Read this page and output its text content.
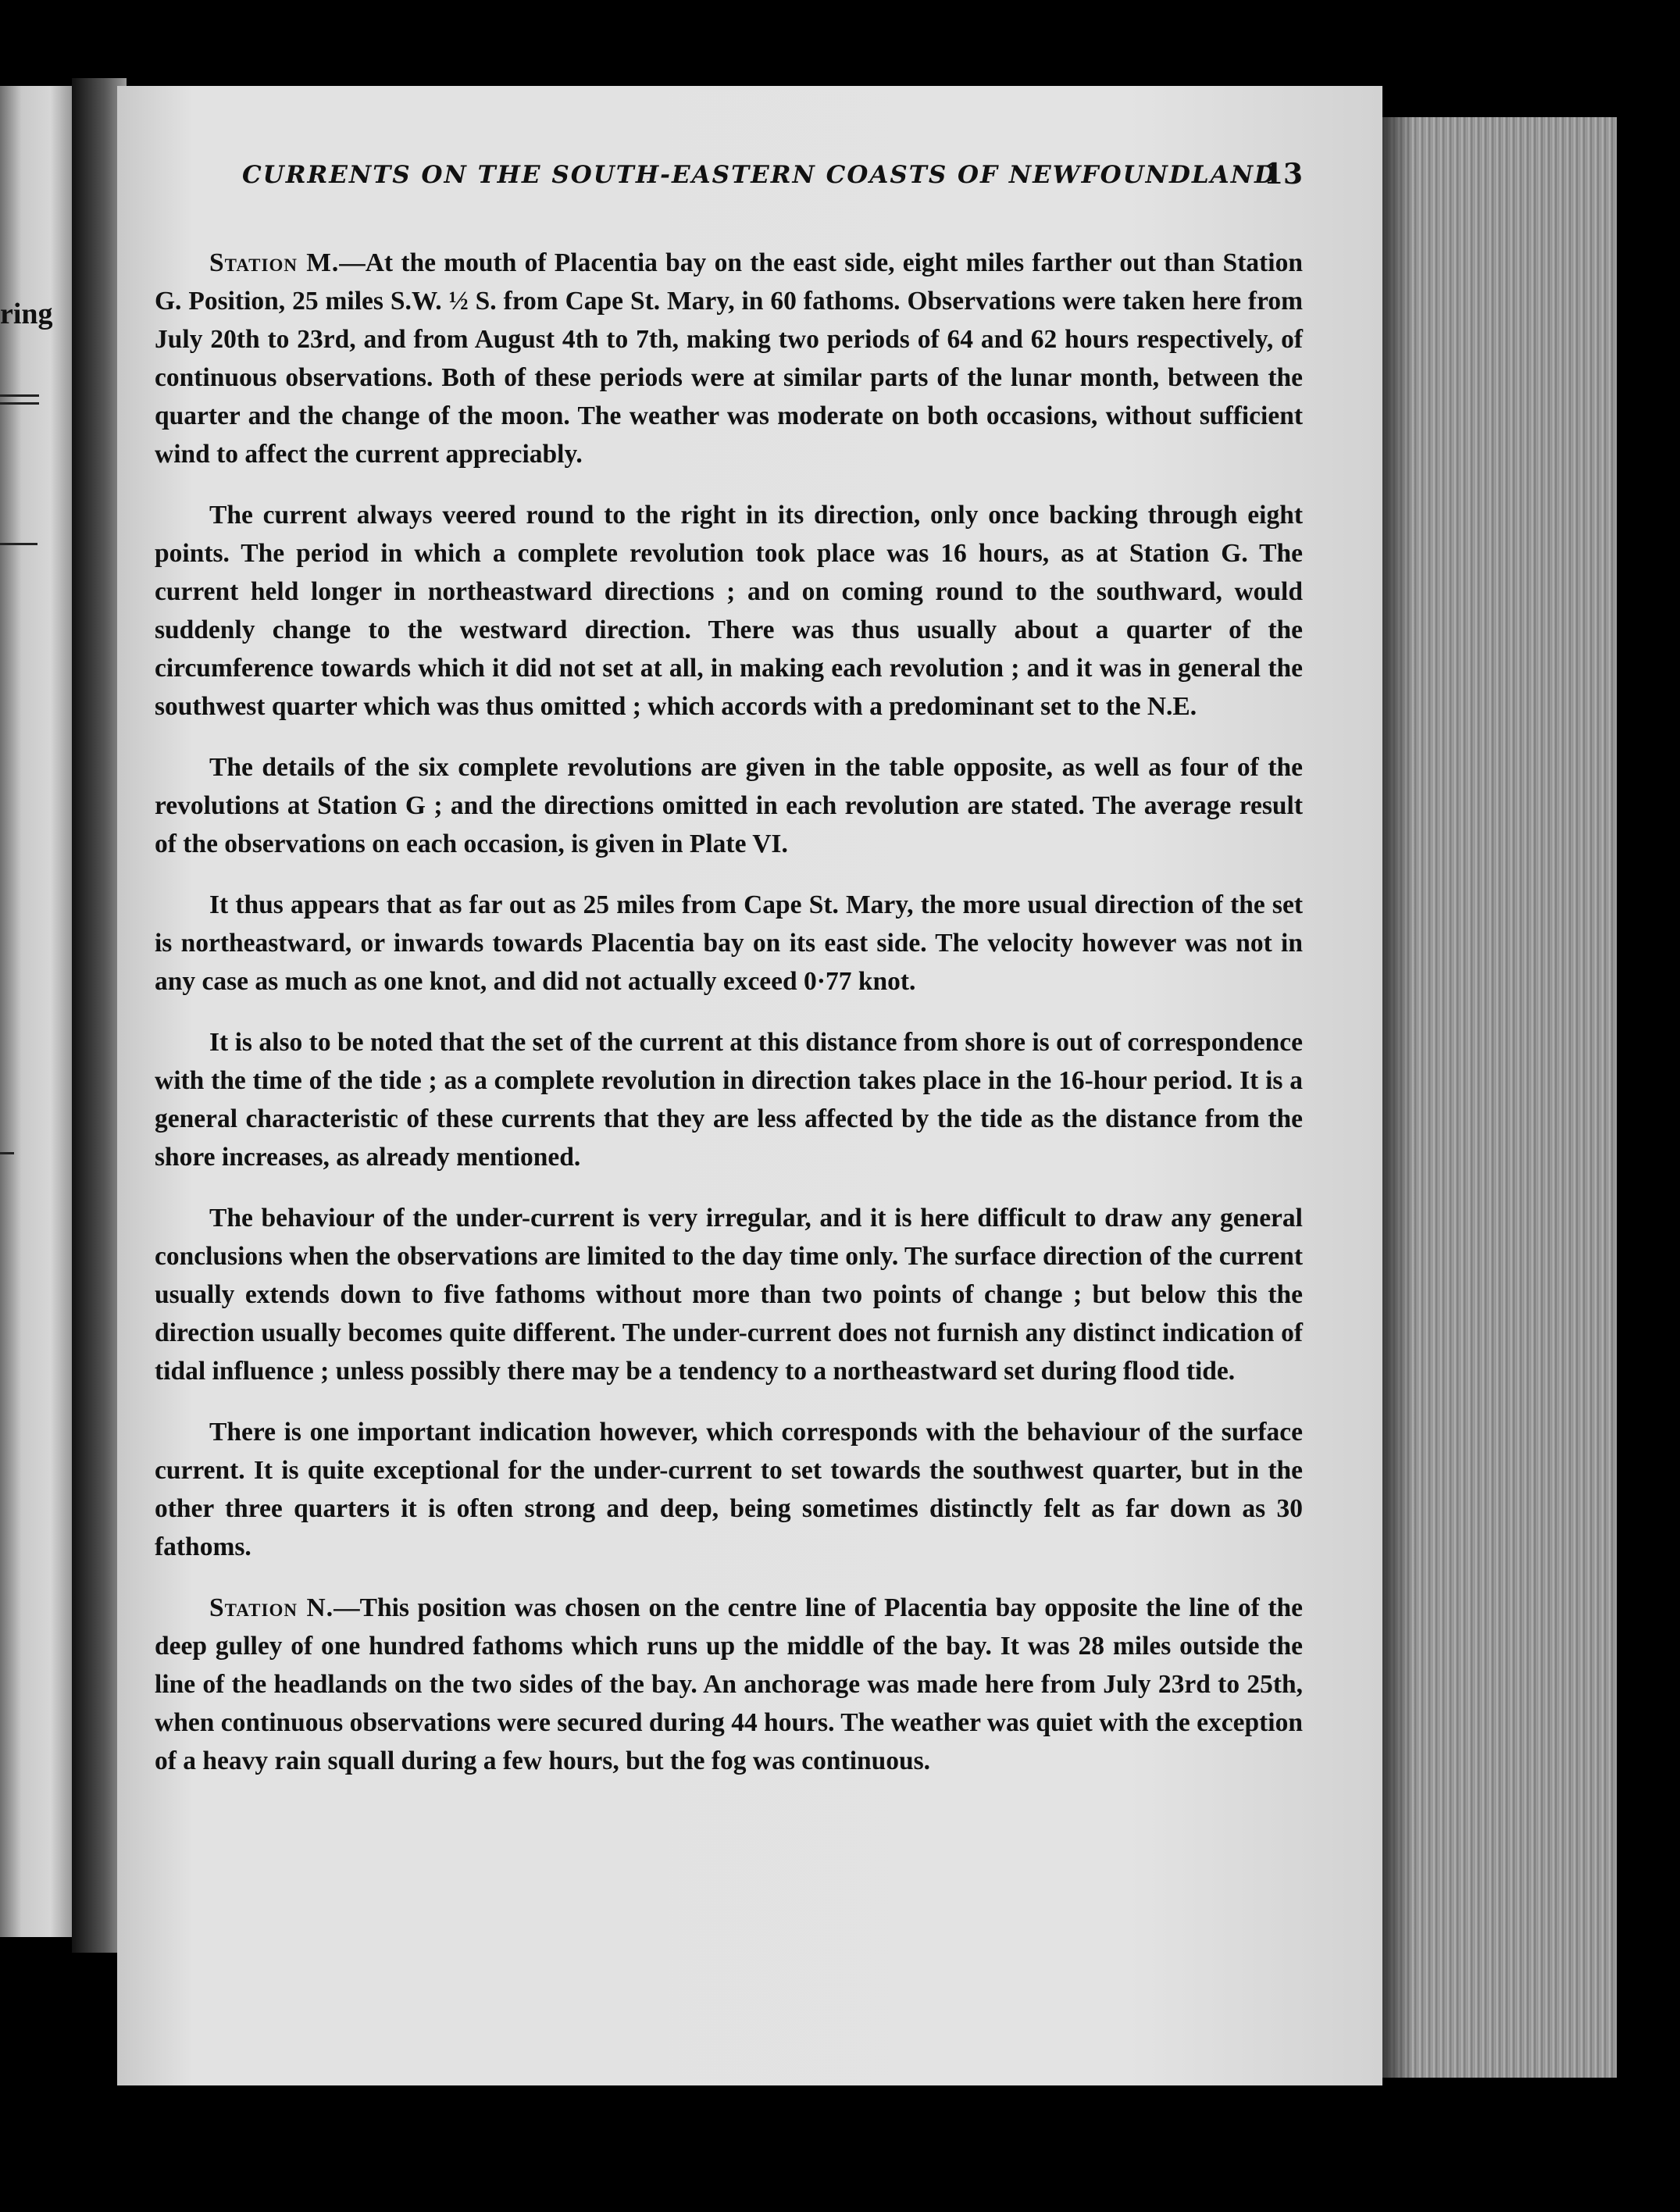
ring
CURRENTS ON THE SOUTH-EASTERN COASTS OF NEWFOUNDLAND
13

Station M.—At the mouth of Placentia bay on the east side, eight miles farther out than Station G. Position, 25 miles S.W. ½ S. from Cape St. Mary, in 60 fathoms. Observations were taken here from July 20th to 23rd, and from August 4th to 7th, making two periods of 64 and 62 hours respectively, of continuous observations. Both of these periods were at similar parts of the lunar month, between the quarter and the change of the moon. The weather was moderate on both occasions, without sufficient wind to affect the current appreciably.

The current always veered round to the right in its direction, only once backing through eight points. The period in which a complete revolution took place was 16 hours, as at Station G. The current held longer in northeastward directions ; and on coming round to the southward, would suddenly change to the westward direction. There was thus usually about a quarter of the circumference towards which it did not set at all, in making each revolution ; and it was in general the southwest quarter which was thus omitted ; which accords with a predominant set to the N.E.

The details of the six complete revolutions are given in the table opposite, as well as four of the revolutions at Station G ; and the directions omitted in each revolution are stated. The average result of the observations on each occasion, is given in Plate VI.

It thus appears that as far out as 25 miles from Cape St. Mary, the more usual direction of the set is northeastward, or inwards towards Placentia bay on its east side. The velocity however was not in any case as much as one knot, and did not actually exceed 0·77 knot.

It is also to be noted that the set of the current at this distance from shore is out of correspondence with the time of the tide ; as a complete revolution in direction takes place in the 16-hour period. It is a general characteristic of these currents that they are less affected by the tide as the distance from the shore increases, as already mentioned.

The behaviour of the under-current is very irregular, and it is here difficult to draw any general conclusions when the observations are limited to the day time only. The surface direction of the current usually extends down to five fathoms without more than two points of change ; but below this the direction usually becomes quite different. The under-current does not furnish any distinct indication of tidal influence ; unless possibly there may be a tendency to a northeastward set during flood tide.

There is one important indication however, which corresponds with the behaviour of the surface current. It is quite exceptional for the under-current to set towards the southwest quarter, but in the other three quarters it is often strong and deep, being sometimes distinctly felt as far down as 30 fathoms.

Station N.—This position was chosen on the centre line of Placentia bay opposite the line of the deep gulley of one hundred fathoms which runs up the middle of the bay. It was 28 miles outside the line of the headlands on the two sides of the bay. An anchorage was made here from July 23rd to 25th, when continuous observations were secured during 44 hours. The weather was quiet with the exception of a heavy rain squall during a few hours, but the fog was continuous.
